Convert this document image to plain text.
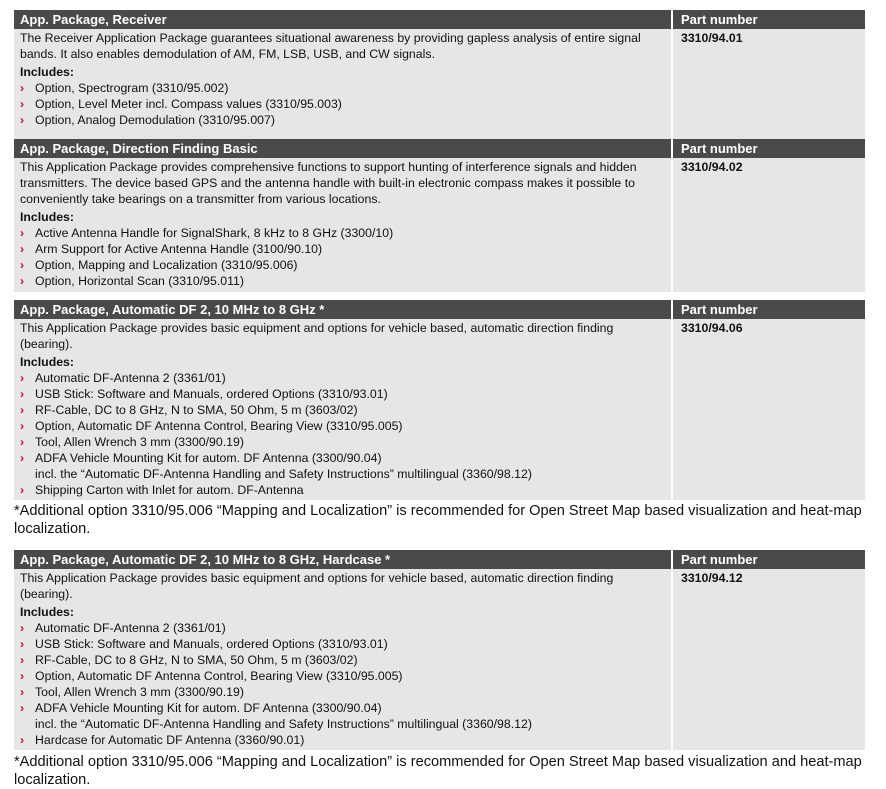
App. Package, Receiver	Part number
The Receiver Application Package guarantees situational awareness by providing gapless analysis of entire signal bands. It also enables demodulation of AM, FM, LSB, USB, and CW signals.
Includes:
› Option, Spectrogram (3310/95.002)
› Option, Level Meter incl. Compass values (3310/95.003)
› Option, Analog Demodulation (3310/95.007)
3310/94.01
App. Package, Direction Finding Basic	Part number
This Application Package provides comprehensive functions to support hunting of interference signals and hidden transmitters. The device based GPS and the antenna handle with built-in electronic compass makes it possible to conveniently take bearings on a transmitter from various locations.
Includes:
› Active Antenna Handle for SignalShark, 8 kHz to 8 GHz (3300/10)
› Arm Support for Active Antenna Handle (3100/90.10)
› Option, Mapping and Localization (3310/95.006)
› Option, Horizontal Scan (3310/95.011)
3310/94.02
App. Package, Automatic DF 2, 10 MHz to 8 GHz *	Part number
This Application Package provides basic equipment and options for vehicle based, automatic direction finding (bearing).
Includes:
› Automatic DF-Antenna 2 (3361/01)
› USB Stick: Software and Manuals, ordered Options (3310/93.01)
› RF-Cable, DC to 8 GHz, N to SMA, 50 Ohm, 5 m (3603/02)
› Option, Automatic DF Antenna Control, Bearing View (3310/95.005)
› Tool, Allen Wrench 3 mm (3300/90.19)
› ADFA Vehicle Mounting Kit for autom. DF Antenna (3300/90.04)
incl. the “Automatic DF-Antenna Handling and Safety Instructions” multilingual (3360/98.12)
› Shipping Carton with Inlet for autom. DF-Antenna
3310/94.06
*Additional option 3310/95.006 “Mapping and Localization” is recommended for Open Street Map based visualization and heat-map localization.
App. Package, Automatic DF 2, 10 MHz to 8 GHz, Hardcase *	Part number
This Application Package provides basic equipment and options for vehicle based, automatic direction finding (bearing).
Includes:
› Automatic DF-Antenna 2 (3361/01)
› USB Stick: Software and Manuals, ordered Options (3310/93.01)
› RF-Cable, DC to 8 GHz, N to SMA, 50 Ohm, 5 m (3603/02)
› Option, Automatic DF Antenna Control, Bearing View (3310/95.005)
› Tool, Allen Wrench 3 mm (3300/90.19)
› ADFA Vehicle Mounting Kit for autom. DF Antenna (3300/90.04)
incl. the “Automatic DF-Antenna Handling and Safety Instructions” multilingual (3360/98.12)
› Hardcase for Automatic DF Antenna (3360/90.01)
3310/94.12
*Additional option 3310/95.006 “Mapping and Localization” is recommended for Open Street Map based visualization and heat-map localization.
